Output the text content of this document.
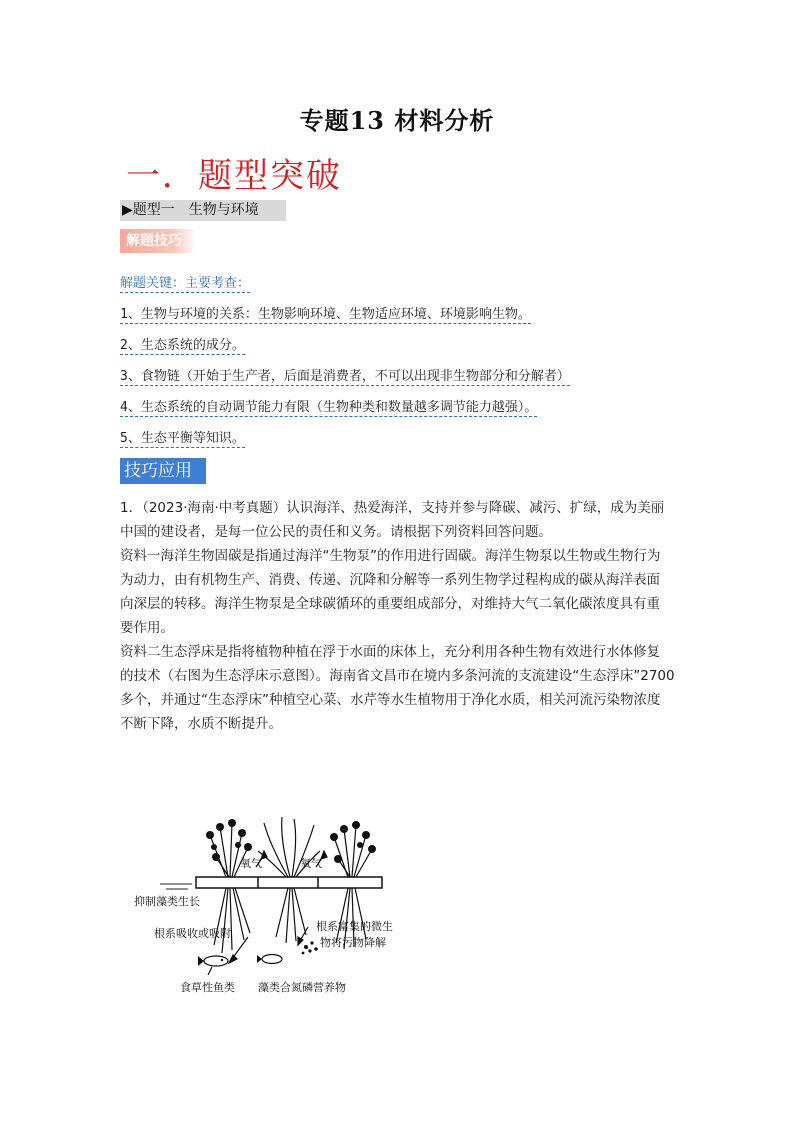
专题13 材料分析
一．题型突破
▶题型一　生物与环境
解题技巧
解题关键：主要考查：
1、生物与环境的关系：生物影响环境、生物适应环境、环境影响生物。
2、生态系统的成分。
3、食物链（开始于生产者，后面是消费者，不可以出现非生物部分和分解者）
4、生态系统的自动调节能力有限（生物种类和数量越多调节能力越强）。
5、生态平衡等知识。
技巧应用
1．（2023·海南·中考真题）认识海洋、热爱海洋，支持并参与降碳、减污、扩绿，成为美丽
中国的建设者，是每一位公民的责任和义务。请根据下列资料回答问题。
资料一海洋生物固碳是指通过海洋“生物泵”的作用进行固碳。海洋生物泵以生物或生物行为
为动力，由有机物生产、消费、传递、沉降和分解等一系列生物学过程构成的碳从海洋表面
向深层的转移。海洋生物泵是全球碳循环的重要组成部分，对维持大气二氧化碳浓度具有重
要作用。
资料二生态浮床是指将植物种植在浮于水面的床体上，充分利用各种生物有效进行水体修复
的技术（右图为生态浮床示意图）。海南省文昌市在境内多条河流的支流建设“生态浮床”2700
多个，并通过“生态浮床”种植空心菜、水芹等水生植物用于净化水质，相关河流污染物浓度
不断下降，水质不断提升。
氧气	氧气
抑制藻类生长
根系吸收或吸附
根系富集的微生
物将污物降解
食草性鱼类 藻类合氮磷营养物
